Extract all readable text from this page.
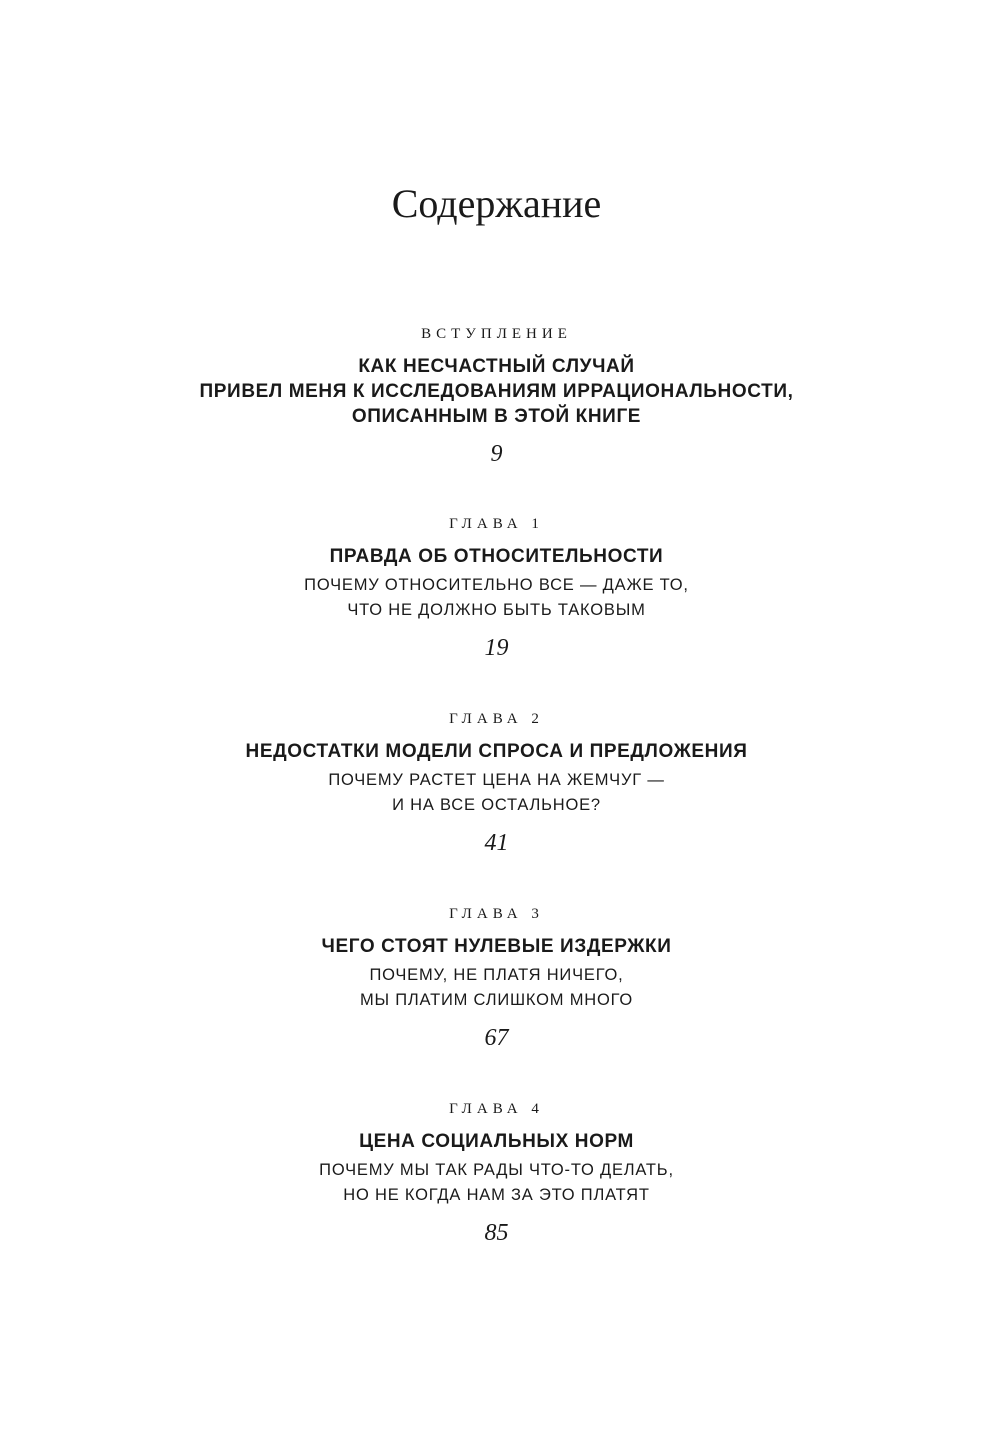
Содержание
ВСТУПЛЕНИЕ
КАК НЕСЧАСТНЫЙ СЛУЧАЙ
ПРИВЕЛ МЕНЯ К ИССЛЕДОВАНИЯМ ИРРАЦИОНАЛЬНОСТИ,
ОПИСАННЫМ В ЭТОЙ КНИГЕ
9
ГЛАВА 1
ПРАВДА ОБ ОТНОСИТЕЛЬНОСТИ
ПОЧЕМУ ОТНОСИТЕЛЬНО ВСЕ — ДАЖЕ ТО,
ЧТО НЕ ДОЛЖНО БЫТЬ ТАКОВЫМ
19
ГЛАВА 2
НЕДОСТАТКИ МОДЕЛИ СПРОСА И ПРЕДЛОЖЕНИЯ
ПОЧЕМУ РАСТЕТ ЦЕНА НА ЖЕМЧУГ —
И НА ВСЕ ОСТАЛЬНОЕ?
41
ГЛАВА 3
ЧЕГО СТОЯТ НУЛЕВЫЕ ИЗДЕРЖКИ
ПОЧЕМУ, НЕ ПЛАТЯ НИЧЕГО,
МЫ ПЛАТИМ СЛИШКОМ МНОГО
67
ГЛАВА 4
ЦЕНА СОЦИАЛЬНЫХ НОРМ
ПОЧЕМУ МЫ ТАК РАДЫ ЧТО-ТО ДЕЛАТЬ,
НО НЕ КОГДА НАМ ЗА ЭТО ПЛАТЯТ
85
